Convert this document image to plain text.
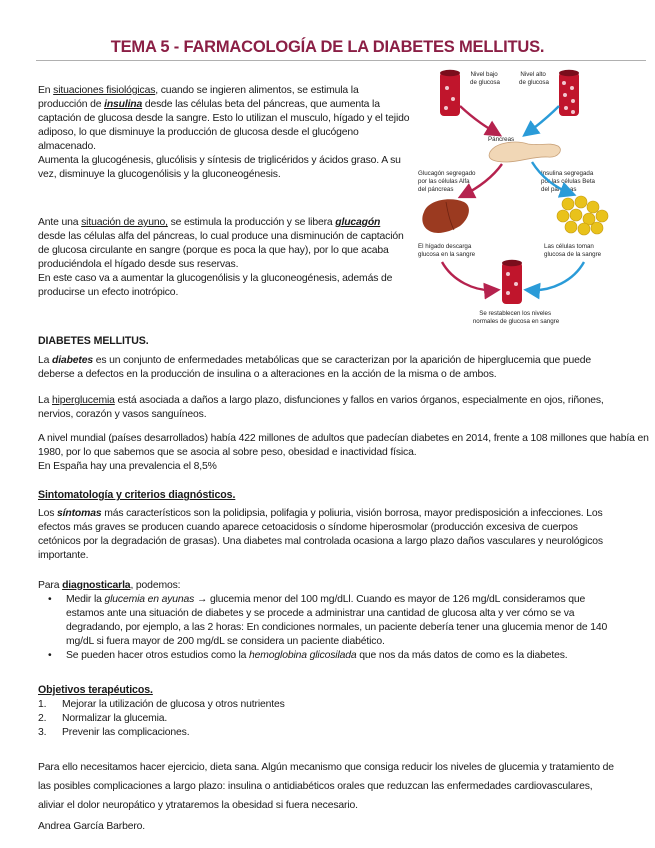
TEMA 5 - FARMACOLOGÍA DE LA DIABETES MELLITUS.
En situaciones fisiológicas, cuando se ingieren alimentos, se estimula la producción de insulina desde las células beta del páncreas, que aumenta la captación de glucosa desde la sangre. Esto lo utilizan el musculo, hígado y el tejido adiposo, lo que disminuye la producción de glucosa desde el glucógeno almacenado.
Aumenta la glucogénesis, glucólisis y síntesis de triglicéridos y ácidos graso. A su vez, disminuye la glucogenólisis y la gluconeogénesis.
Ante una situación de ayuno, se estimula la producción y se libera glucagón desde las células alfa del páncreas, lo cual produce una disminución de captación de glucosa circulante en sangre (porque es poca la que hay), por lo que acaba produciéndola el hígado desde sus reservas.
En este caso va a aumentar la glucogenólisis y la gluconeogénesis, además de producirse un efecto inotrópico.
Nivel bajo de glucosa
Nivel alto de glucosa
Páncreas
Glucagón segregado por las células Alfa del páncreas
Insulina segregada por las células Beta del páncreas
El hígado descarga glucosa en la sangre
Las células toman glucosa de la sangre
Se restablecen los niveles normales de glucosa en sangre
DIABETES MELLITUS.
La diabetes es un conjunto de enfermedades metabólicas que se caracterizan por la aparición de hiperglucemia que puede deberse a defectos en la producción de insulina o a alteraciones en la acción de la misma o de ambos.
La hiperglucemia está asociada a daños a largo plazo, disfunciones y fallos en varios órganos, especialmente en ojos, riñones, nervios, corazón y vasos sanguíneos.
A nivel mundial (países desarrollados) había 422 millones de adultos que padecían diabetes en 2014, frente a 108 millones que había en 1980, por lo que sabemos que se asocia al sobre peso, obesidad e inactividad física.
En España hay una prevalencia el 8,5%
Sintomatología y criterios diagnósticos.
Los síntomas más característicos son la polidipsia, polifagia y poliuria, visión borrosa, mayor predisposición a infecciones. Los efectos más graves se producen cuando aparece cetoacidosis o síndome hiperosmolar (producción excesiva de cuerpos cetónicos por la degradación de grasas). Una diabetes mal controlada ocasiona a largo plazo daños vasculares y neurológicos importante.
Para diagnosticarla, podemos:
• Medir la glucemia en ayunas → glucemia menor del 100 mg/dLl. Cuando es mayor de 126 mg/dL consideramos que estamos ante una situación de diabetes y se procede a administrar una cantidad de glucosa alta y ver cómo se va degradando, por ejemplo, a las 2 horas: En condiciones normales, un paciente debería tener una glucemia menor de 140 mg/dL si fuera mayor de 200 mg/dL se considera un paciente diabético.
• Se pueden hacer otros estudios como la hemoglobina glicosilada que nos da más datos de como es la diabetes.
Objetivos terapéuticos.
1. Mejorar la utilización de glucosa y otros nutrientes
2. Normalizar la glucemia.
3. Prevenir las complicaciones.
Para ello necesitamos hacer ejercicio, dieta sana. Algún mecanismo que consiga reducir los niveles de glucemia y tratamiento de las posibles complicaciones a largo plazo: insulina o antidiabéticos orales que reduzcan las enfermedades cardiovasculares, aliviar el dolor neuropático y ytrataremos la obesidad si fuera necesario.
Andrea García Barbero.
